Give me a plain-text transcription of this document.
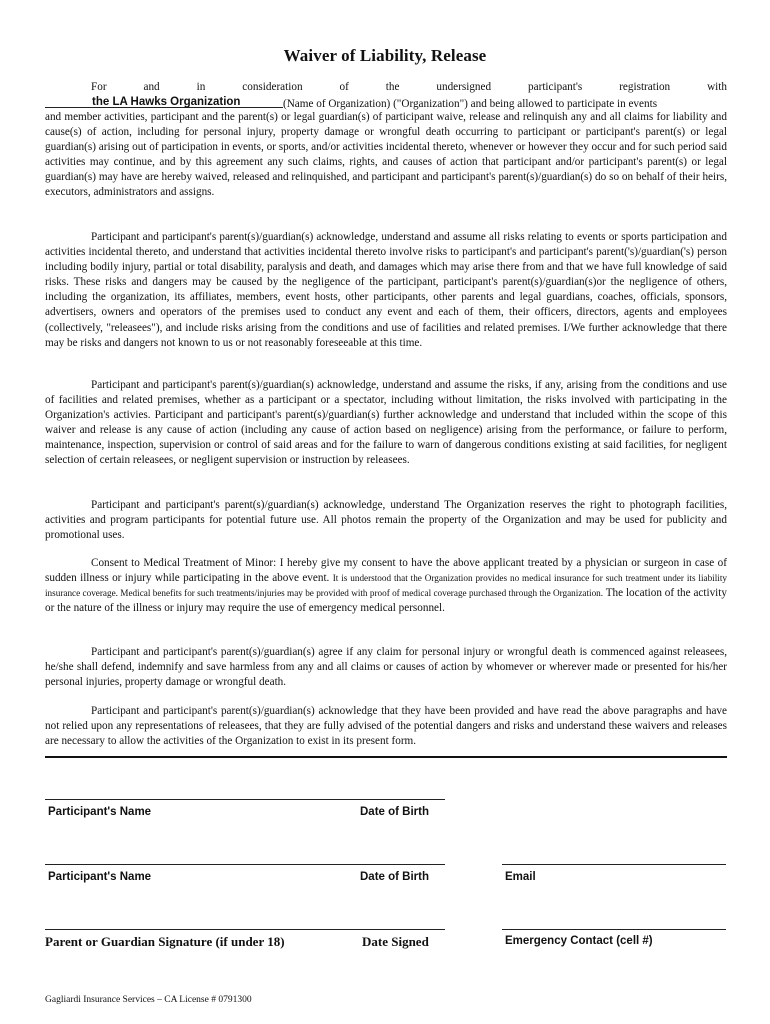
Waiver of Liability, Release
For and in consideration of the undersigned participant's registration with
the LA Hawks Organization	(Name of Organization) ("Organization") and being allowed to participate in events

and member activities, participant and the parent(s) or legal guardian(s) of participant waive, release and relinquish any and all claims for liability and cause(s) of action, including for personal injury, property damage or wrongful death occurring to participant or participant's parent(s) or legal guardian(s) arising out of participation in events, or sports, and/or activities incidental thereto, whenever or however they occur and for such period said activities may continue, and by this agreement any such claims, rights, and causes of action that participant and/or participant's parent(s) or legal guardian(s) may have are hereby waived, released and relinquished, and participant and participant's parent(s)/guardian(s) do so on behalf of their heirs, executors, administrators and assigns.

Participant and participant's parent(s)/guardian(s) acknowledge, understand and assume all risks relating to events or sports participation and activities incidental thereto, and understand that activities incidental thereto involve risks to participant's and participant's parent('s)/guardian('s) person including bodily injury, partial or total disability, paralysis and death, and damages which may arise there from and that we have full knowledge of said risks. These risks and dangers may be caused by the negligence of the participant, participant's parent(s)/guardian(s)or the negligence of others, including the organization, its affiliates, members, event hosts, other participants, other parents and legal guardians, coaches, officials, sponsors, advertisers, owners and operators of the premises used to conduct any event and each of them, their officers, directors, agents and employees (collectively, "releasees"), and include risks arising from the conditions and use of facilities and related premises. I/We further acknowledge that there may be risks and dangers not known to us or not reasonably foreseeable at this time.

Participant and participant's parent(s)/guardian(s) acknowledge, understand and assume the risks, if any, arising from the conditions and use of facilities and related premises, whether as a participant or a spectator, including without limitation, the risks involved with participating in the Organization's activies. Participant and participant's parent(s)/guardian(s) further acknowledge and understand that included within the scope of this waiver and release is any cause of action (including any cause of action based on negligence) arising from the performance, or failure to perform, maintenance, inspection, supervision or control of said areas and for the failure to warn of dangerous conditions existing at said facilities, for negligent selection of certain releasees, or negligent supervision or instruction by releasees.

Participant and participant's parent(s)/guardian(s) acknowledge, understand The Organization reserves the right to photograph facilities, activities and program participants for potential future use. All photos remain the property of the Organization and may be used for publicity and promotional uses.

Consent to Medical Treatment of Minor: I hereby give my consent to have the above applicant treated by a physician or surgeon in case of sudden illness or injury while participating in the above event. It is understood that the Organization provides no medical insurance for such treatment under its liability insurance coverage. Medical benefits for such treatments/injuries may be provided with proof of medical coverage purchased through the Organization. The location of the activity or the nature of the illness or injury may require the use of emergency medical personnel.

Participant and participant's parent(s)/guardian(s) agree if any claim for personal injury or wrongful death is commenced against releasees, he/she shall defend, indemnify and save harmless from any and all claims or causes of action by whomever or wherever made or presented for his/her personal injuries, property damage or wrongful death.

Participant and participant's parent(s)/guardian(s) acknowledge that they have been provided and have read the above paragraphs and have not relied upon any representations of releasees, that they are fully advised of the potential dangers and risks and understand these waivers and releases are necessary to allow the activities of the Organization to exist in its present form.

Participant's Name	Date of Birth
Participant's Name	Date of Birth	Email
Parent or Guardian Signature (if under 18)	Date Signed	Emergency Contact (cell #)
Gagliardi Insurance Services – CA License # 0791300
